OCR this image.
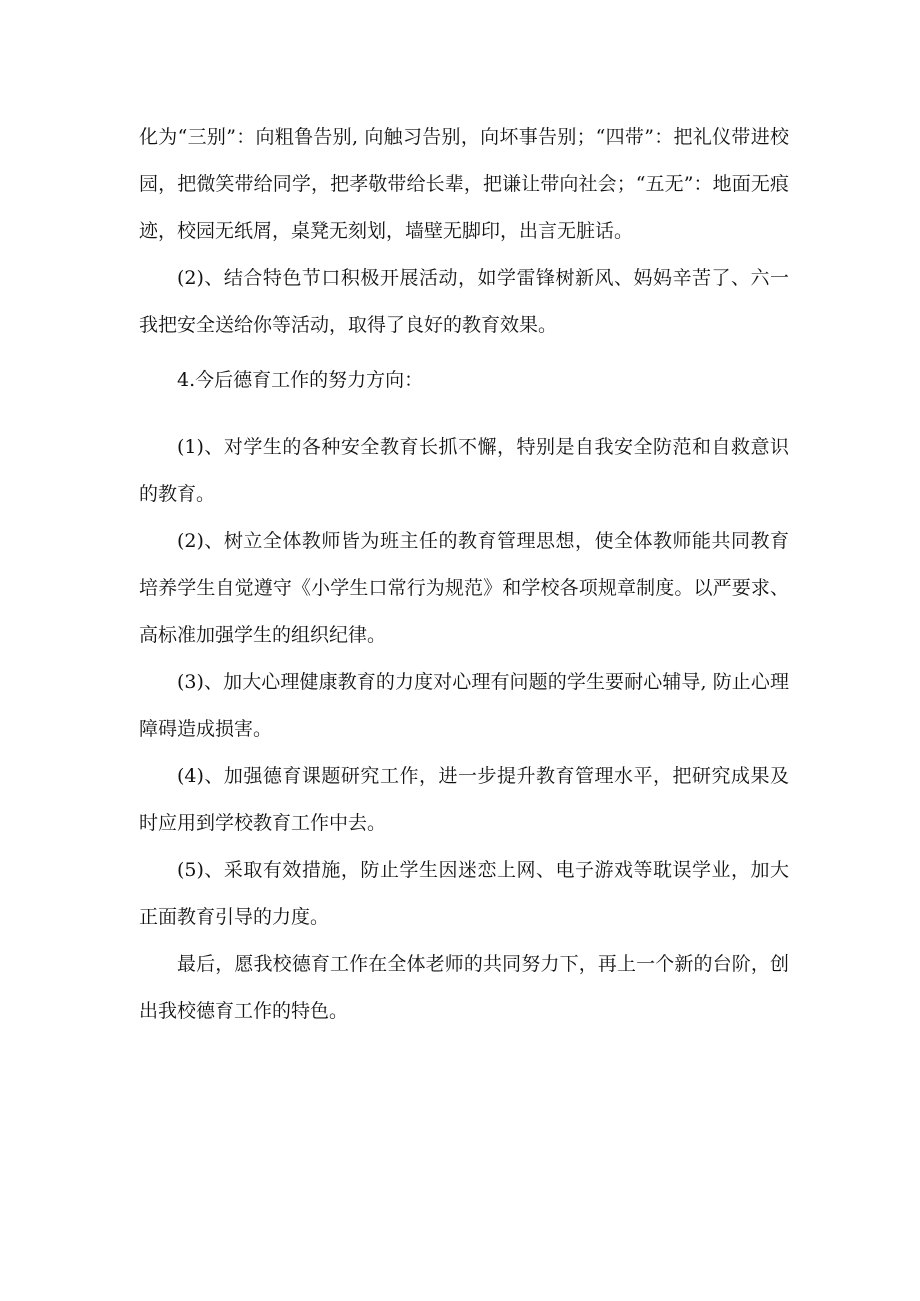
化为“三别”：向粗鲁告别, 向触习告别，向坏事告别；“四带”：把礼仪带进校园，把微笑带给同学，把孝敬带给长辈，把谦让带向社会；“五无”：地面无痕迹，校园无纸屑，桌凳无刻划，墙壁无脚印，出言无脏话。

(2)、结合特色节口积极开展活动，如学雷锋树新风、妈妈辛苦了、六一我把安全送给你等活动，取得了良好的教育效果。

4.今后德育工作的努力方向：

(1)、对学生的各种安全教育长抓不懈，特别是自我安全防范和自救意识的教育。

(2)、树立全体教师皆为班主任的教育管理思想，使全体教师能共同教育培养学生自觉遵守《小学生口常行为规范》和学校各项规章制度。以严要求、高标准加强学生的组织纪律。

(3)、加大心理健康教育的力度对心理有问题的学生要耐心辅导, 防止心理障碍造成损害。

(4)、加强德育课题研究工作，进一步提升教育管理水平，把研究成果及时应用到学校教育工作中去。

(5)、采取有效措施，防止学生因迷恋上网、电子游戏等耽误学业，加大正面教育引导的力度。

最后，愿我校德育工作在全体老师的共同努力下，再上一个新的台阶，创出我校德育工作的特色。
